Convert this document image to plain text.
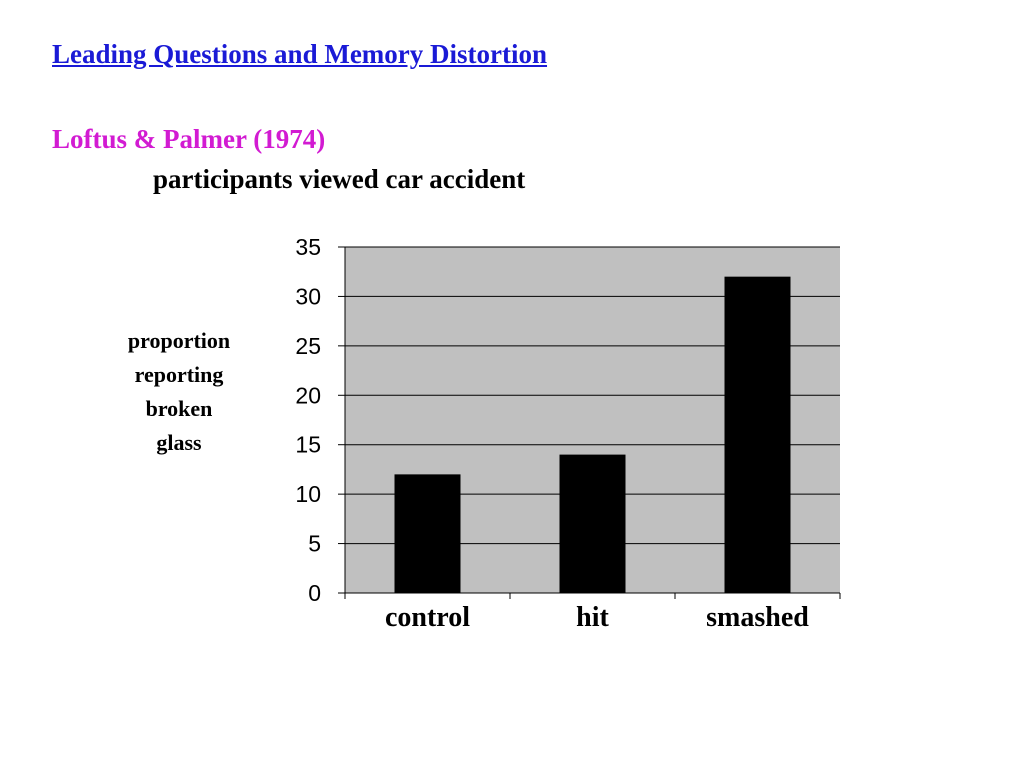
Leading Questions and Memory Distortion
Loftus & Palmer (1974)
participants viewed car accident
proportion
reporting
broken
glass
0
5
10
15
20
25
30
35
control	hit	smashed
